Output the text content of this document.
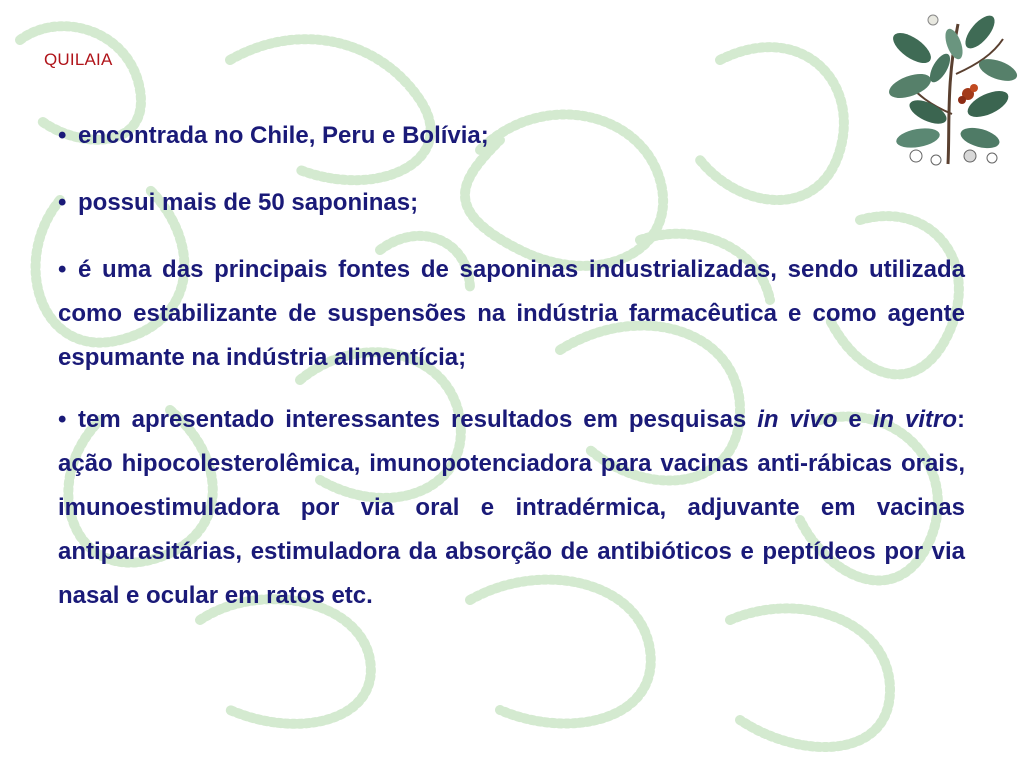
QUILAIA

• encontrada no Chile, Peru e Bolívia;

• possui mais de 50 saponinas;

• é uma das principais fontes de saponinas industrializadas, sendo utilizada como estabilizante de suspensões na indústria farmacêutica e como agente espumante na indústria alimentícia;

• tem apresentado interessantes resultados em pesquisas in vivo e in vitro: ação hipocolesterolêmica, imunopotenciadora para vacinas anti-rábicas orais, imunoestimuladora por via oral e intradérmica, adjuvante em vacinas antiparasitárias, estimuladora da absorção de antibióticos e peptídeos por via nasal e ocular em ratos etc.
